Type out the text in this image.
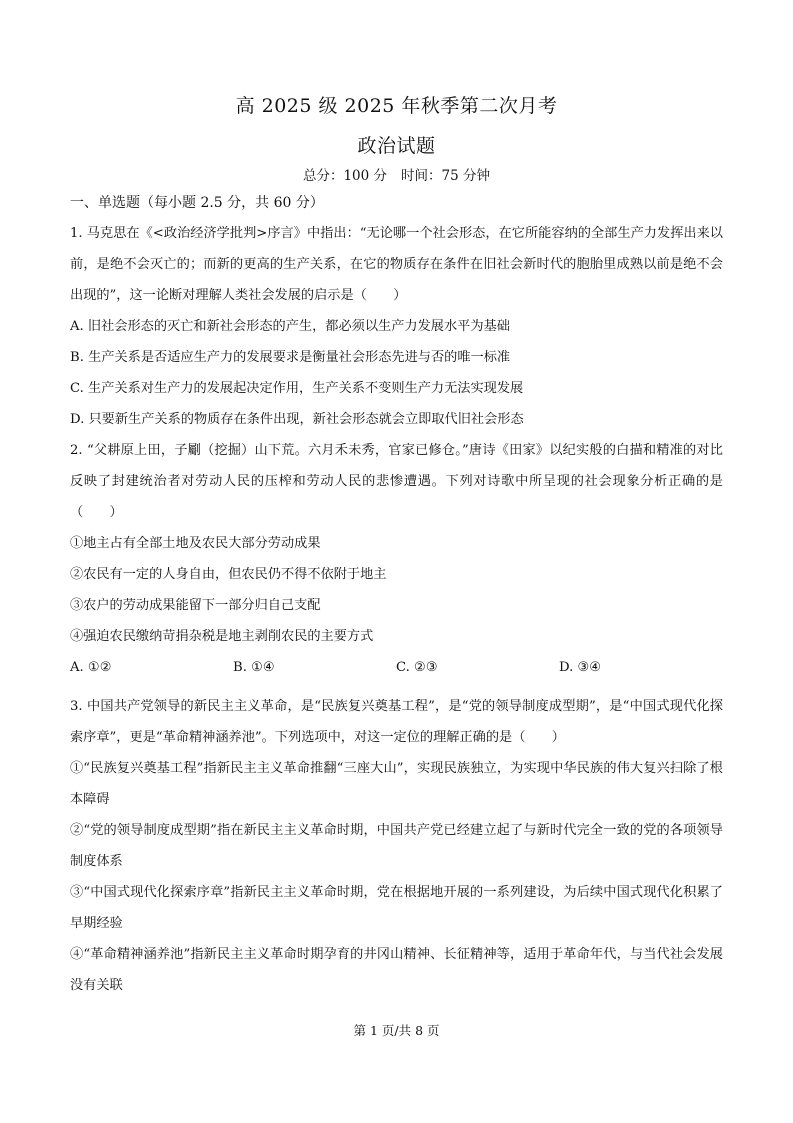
高 2025 级 2025 年秋季第二次月考
政治试题
总分：100 分 时间：75 分钟
一、单选题（每小题 2.5 分，共 60 分）

1. 马克思在《<政治经济学批判>序言》中指出：“无论哪一个社会形态，在它所能容纳的全部生产力发挥出来以前，是绝不会灭亡的；而新的更高的生产关系，在它的物质存在条件在旧社会新时代的胞胎里成熟以前是绝不会出现的”，这一论断对理解人类社会发展的启示是（　　）

A. 旧社会形态的灭亡和新社会形态的产生，都必须以生产力发展水平为基础
B. 生产关系是否适应生产力的发展要求是衡量社会形态先进与否的唯一标准
C. 生产关系对生产力的发展起决定作用，生产关系不变则生产力无法实现发展
D. 只要新生产关系的物质存在条件出现，新社会形态就会立即取代旧社会形态

2. “父耕原上田，子劚（挖掘）山下荒。六月禾未秀，官家已修仓。”唐诗《田家》以纪实般的白描和精准的对比反映了封建统治者对劳动人民的压榨和劳动人民的悲惨遭遇。下列对诗歌中所呈现的社会现象分析正确的是（　　）

①地主占有全部土地及农民大部分劳动成果
②农民有一定的人身自由，但农民仍不得不依附于地主
③农户的劳动成果能留下一部分归自己支配
④强迫农民缴纳苛捐杂税是地主剥削农民的主要方式
A. ①②	B. ①④	C. ②③	D. ③④

3. 中国共产党领导的新民主主义革命，是“民族复兴奠基工程”，是“党的领导制度成型期”，是“中国式现代化探索序章”，更是“革命精神涵养池”。下列选项中，对这一定位的理解正确的是（　　）

①“民族复兴奠基工程”指新民主主义革命推翻“三座大山”，实现民族独立，为实现中华民族的伟大复兴扫除了根本障碍

②“党的领导制度成型期”指在新民主主义革命时期，中国共产党已经建立起了与新时代完全一致的党的各项领导制度体系

③“中国式现代化探索序章”指新民主主义革命时期，党在根据地开展的一系列建设，为后续中国式现代化积累了早期经验

④“革命精神涵养池”指新民主主义革命时期孕育的井冈山精神、长征精神等，适用于革命年代，与当代社会发展没有关联

第 1 页/共 8 页
